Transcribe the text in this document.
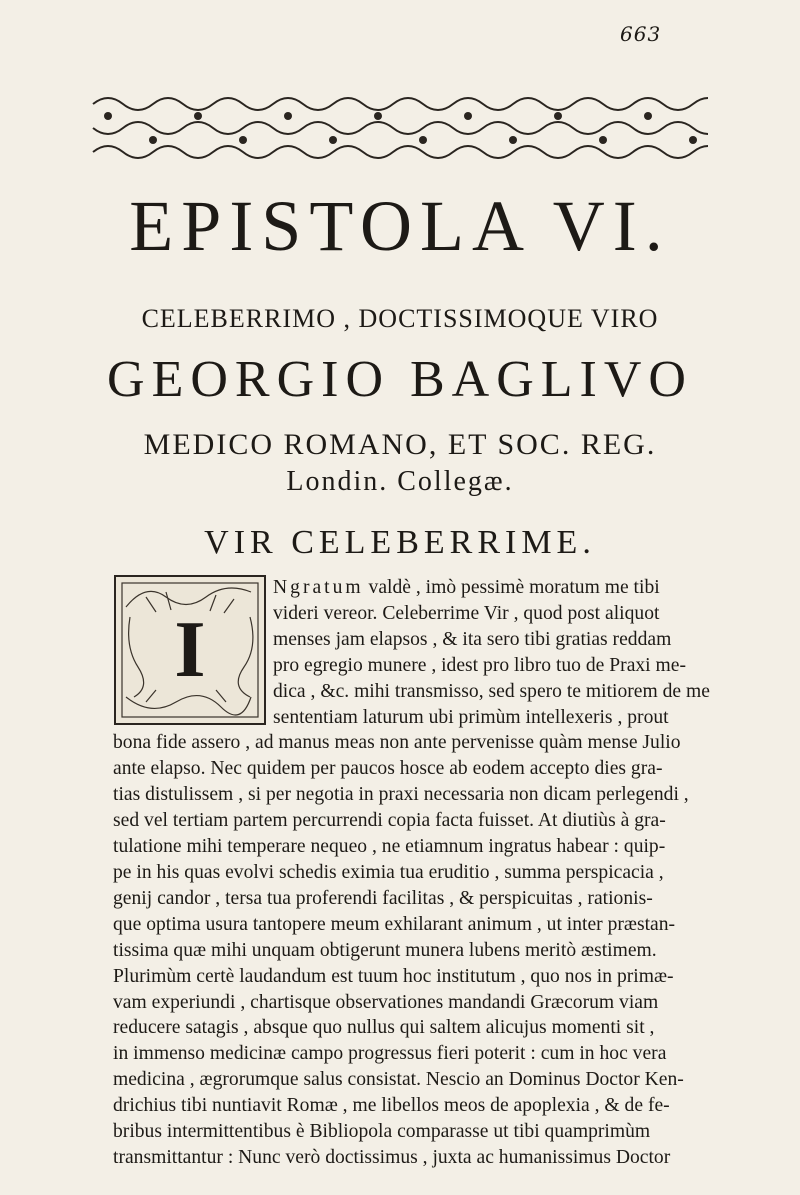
663
EPISTOLA VI.
CELEBERRIMO , DOCTISSIMOQUE VIRO
GEORGIO BAGLIVO
MEDICO ROMANO, ET SOC. REG.
Londin. Collegæ.
VIR CELEBERRIME.
I
Ngratum valdè , imò pessimè moratum me tibi
videri vereor. Celeberrime Vir , quod post aliquot
menses jam elapsos , & ita sero tibi gratias reddam
pro egregio munere , idest pro libro tuo de Praxi me-
dica , &c. mihi transmisso, sed spero te mitiorem de me
sententiam laturum ubi primùm intellexeris , prout
bona fide assero , ad manus meas non ante pervenisse quàm mense Julio
ante elapso. Nec quidem per paucos hosce ab eodem accepto dies gra-
tias distulissem , si per negotia in praxi necessaria non dicam perlegendi ,
sed vel tertiam partem percurrendi copia facta fuisset. At diutiùs à gra-
tulatione mihi temperare nequeo , ne etiamnum ingratus habear : quip-
pe in his quas evolvi schedis eximia tua eruditio , summa perspicacia ,
genij candor , tersa tua proferendi facilitas , & perspicuitas , rationis-
que optima usura tantopere meum exhilarant animum , ut inter præstan-
tissima quæ mihi unquam obtigerunt munera lubens meritò æstimem.
Plurimùm certè laudandum est tuum hoc institutum , quo nos in primæ-
vam experiundi , chartisque observationes mandandi Græcorum viam
reducere satagis , absque quo nullus qui saltem alicujus momenti sit ,
in immenso medicinæ campo progressus fieri poterit : cum in hoc vera
medicina , ægrorumque salus consistat. Nescio an Dominus Doctor Ken-
drichius tibi nuntiavit Romæ , me libellos meos de apoplexia , & de fe-
bribus intermittentibus è Bibliopola comparasse ut tibi quamprimùm
transmittantur : Nunc verò doctissimus , juxta ac humanissimus Doctor
